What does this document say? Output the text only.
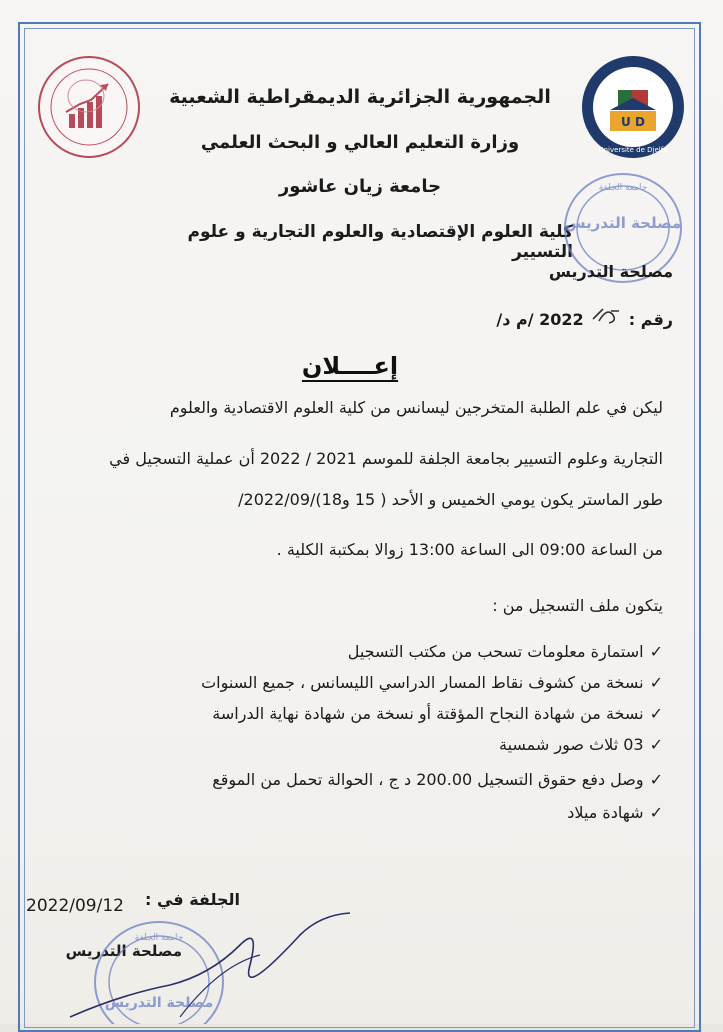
1990
U D
Université de Djelfa
الجمهورية الجزائرية الديمقراطية الشعبية
وزارة التعليم العالي و البحث العلمي
جامعة زيان عاشور
كلية العلوم الإقتصادية والعلوم التجارية و علوم التسيير
جامعة الجلفة
مصلحة التدريس
مصلحة التدريس
رقم :  2022 /م د/
إعــــلان
ليكن في علم الطلبة المتخرجين ليسانس من كلية العلوم الاقتصادية والعلوم
التجارية وعلوم التسيير بجامعة الجلفة للموسم 2021 / 2022 أن عملية التسجيل في
طور الماستر يكون يومي الخميس و الأحد ( 15 و18)/2022/09/
من الساعة 09:00 الى الساعة 13:00 زوالا بمكتبة الكلية .
يتكون ملف التسجيل من :
✓استمارة معلومات تسحب من مكتب التسجيل
✓نسخة من كشوف نقاط المسار الدراسي الليسانس ، جميع السنوات
✓نسخة من شهادة النجاح المؤقتة أو نسخة من شهادة نهاية الدراسة
✓03 ثلاث صور شمسية
✓وصل دفع حقوق التسجيل 200.00 د ج ، الحوالة تحمل من الموقع
✓شهادة ميلاد
الجلفة في :
2022/09/12
مصلحة التدريس
جامعة الجلفة
مصلحة التدريس
